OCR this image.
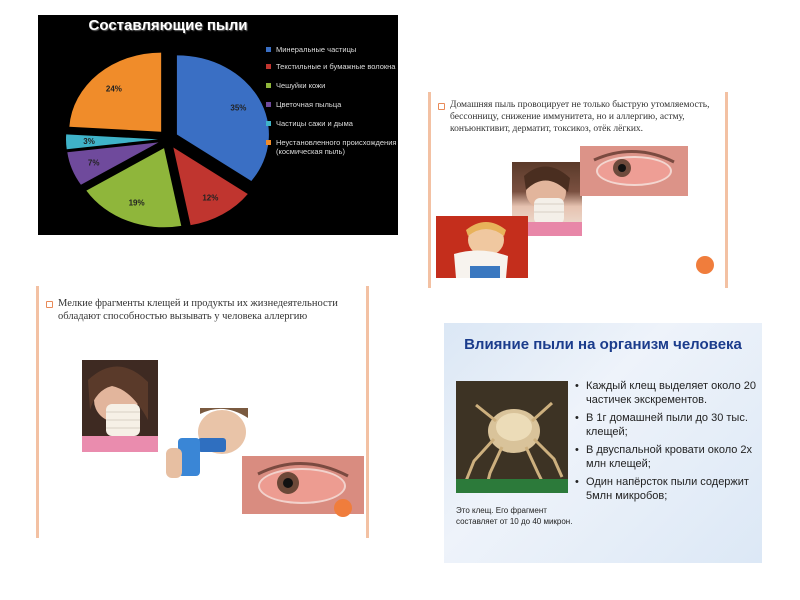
Составляющие пыли
35%
12%
19%
7%
3%
24%
Минеральные частицы
Текстильные и бумажные волокна
Чешуйки кожи
Цветочная пыльца
Частицы сажи и дыма
Неустановленного происхождения (космическая пыль)
Домашняя пыль провоцирует не только быструю утомляемость, бессонницу, снижение иммунитета, но и аллергию, астму, конъюнктивит, дерматит, токсикоз, отёк лёгких.
Мелкие фрагменты клещей и продукты их жизнедеятельности обладают способностью вызывать у человека аллергию
Влияние пыли на организм человека
• Каждый клещ выделяет около 20 частичек экскрементов.
• В 1г домашней пыли до 30 тыс. клещей;
• В двуспальной кровати около 2х млн клещей;
• Один напёрсток пыли содержит 5млн микробов;
Это клещ. Его фрагмент составляет от 10 до 40 микрон.
